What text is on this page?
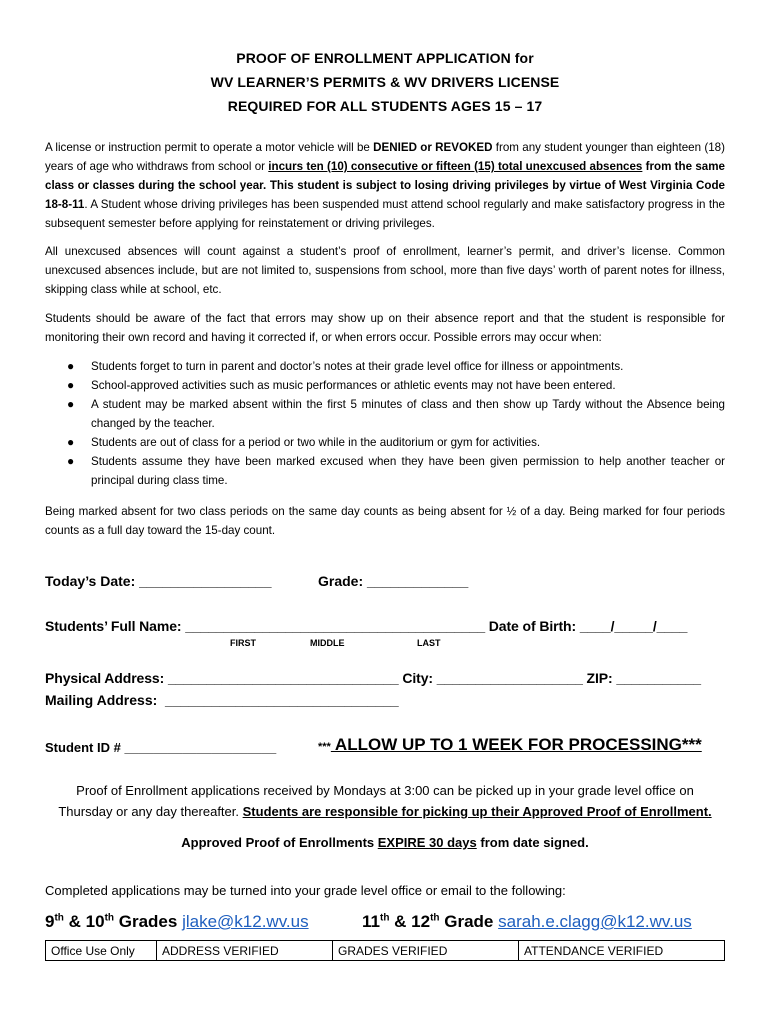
PROOF OF ENROLLMENT APPLICATION for
WV LEARNER’S PERMITS & WV DRIVERS LICENSE
REQUIRED FOR ALL STUDENTS AGES 15 – 17
A license or instruction permit to operate a motor vehicle will be DENIED or REVOKED from any student younger than eighteen (18) years of age who withdraws from school or incurs ten (10) consecutive or fifteen (15) total unexcused absences from the same class or classes during the school year. This student is subject to losing driving privileges by virtue of West Virginia Code 18-8-11. A Student whose driving privileges has been suspended must attend school regularly and make satisfactory progress in the subsequent semester before applying for reinstatement or driving privileges.
All unexcused absences will count against a student’s proof of enrollment, learner’s permit, and driver’s license. Common unexcused absences include, but are not limited to, suspensions from school, more than five days’ worth of parent notes for illness, skipping class while at school, etc.
Students should be aware of the fact that errors may show up on their absence report and that the student is responsible for monitoring their own record and having it corrected if, or when errors occur. Possible errors may occur when:
● Students forget to turn in parent and doctor’s notes at their grade level office for illness or appointments.
● School-approved activities such as music performances or athletic events may not have been entered.
● A student may be marked absent within the first 5 minutes of class and then show up Tardy without the Absence being changed by the teacher.
● Students are out of class for a period or two while in the auditorium or gym for activities.
● Students assume they have been marked excused when they have been given permission to help another teacher or principal during class time.
Being marked absent for two class periods on the same day counts as being absent for ½ of a day. Being marked for four periods counts as a full day toward the 15-day count.
Today’s Date: _________________	Grade: _____________
Students’ Full Name: _______________________________________ Date of Birth: ____/_____/____
FIRST	MIDDLE	LAST
Physical Address: ______________________________ City: ___________________ ZIP: ___________
Mailing Address:  ______________________________
Student ID # _____________________	*** ALLOW UP TO 1 WEEK FOR PROCESSING***
Proof of Enrollment applications received by Mondays at 3:00 can be picked up in your grade level office on
Thursday or any day thereafter. Students are responsible for picking up their Approved Proof of Enrollment.
Approved Proof of Enrollments EXPIRE 30 days from date signed.
Completed applications may be turned into your grade level office or email to the following:
9th & 10th Grades jlake@k12.wv.us	11th & 12th Grade sarah.e.clagg@k12.wv.us
Office Use Only	ADDRESS VERIFIED	GRADES VERIFIED	ATTENDANCE VERIFIED
